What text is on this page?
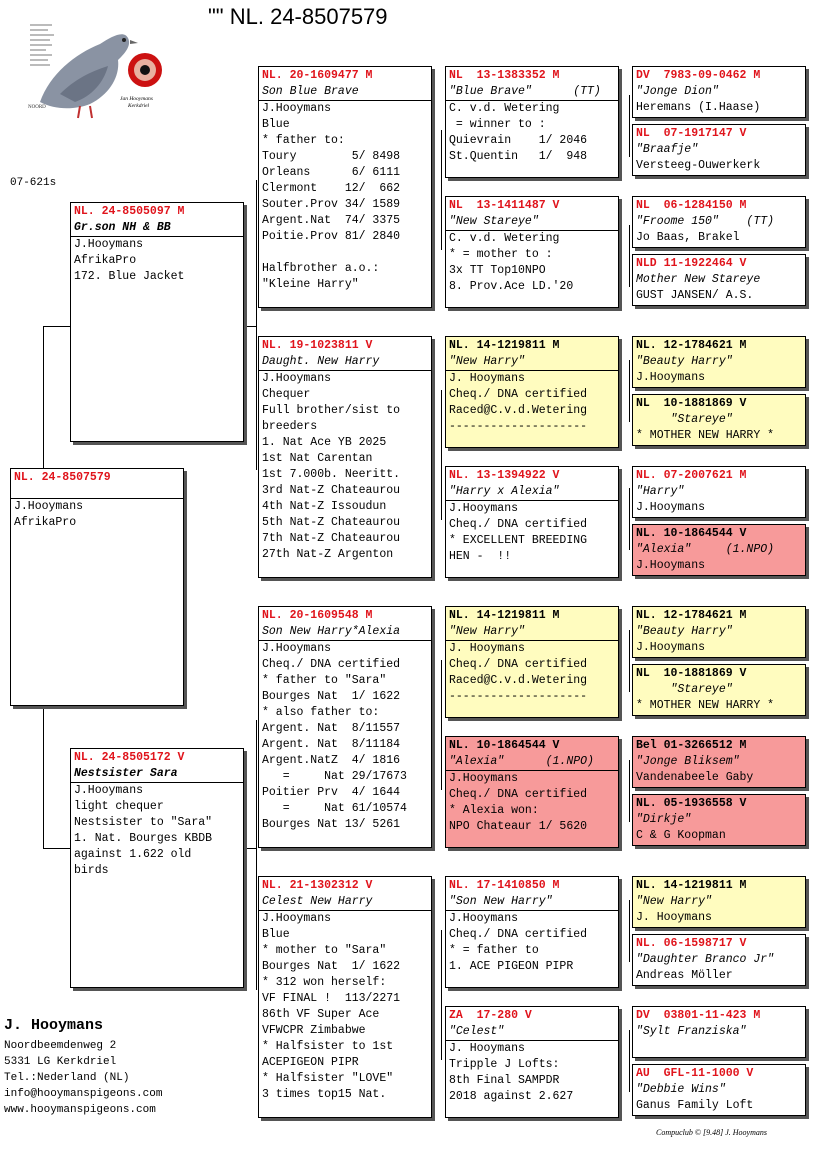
"" NL. 24-8507579
07-621s
NOORD
Jan Hooymans
Kerkdriel
NL. 24-8507579
J.Hooymans
AfrikaPro
NL. 24-8505097 M
Gr.son NH & BB
J.Hooymans
AfrikaPro
172. Blue Jacket
NL. 24-8505172 V
Nestsister Sara
J.Hooymans
light chequer
Nestsister to "Sara"
1. Nat. Bourges KBDB
against 1.622 old
birds
NL. 20-1609477 M
Son Blue Brave
J.Hooymans
Blue
* father to:
Toury        5/ 8498
Orleans      6/ 6111
Clermont    12/  662
Souter.Prov 34/ 1589
Argent.Nat  74/ 3375
Poitie.Prov 81/ 2840

Halfbrother a.o.:
"Kleine Harry"
NL. 19-1023811 V
Daught. New Harry
J.Hooymans
Chequer
Full brother/sist to
breeders
1. Nat Ace YB 2025
1st Nat Carentan
1st 7.000b. Neeritt.
3rd Nat-Z Chateaurou
4th Nat-Z Issoudun
5th Nat-Z Chateaurou
7th Nat-Z Chateaurou
27th Nat-Z Argenton
NL. 20-1609548 M
Son New Harry*Alexia
J.Hooymans
Cheq./ DNA certified
* father to "Sara"
Bourges Nat  1/ 1622
* also father to:
Argent. Nat  8/11557
Argent. Nat  8/11184
Argent.NatZ  4/ 1816
=     Nat 29/17673
Poitier Prv  4/ 1644
=     Nat 61/10574
Bourges Nat 13/ 5261
NL. 21-1302312 V
Celest New Harry
J.Hooymans
Blue
* mother to "Sara"
Bourges Nat  1/ 1622
* 312 won herself:
VF FINAL !  113/2271
86th VF Super Ace
VFWCPR Zimbabwe
* Halfsister to 1st
ACEPIGEON PIPR
* Halfsister "LOVE"
3 times top15 Nat.
NL  13-1383352 M
"Blue Brave"      (TT)
C. v.d. Wetering
= winner to :
Quievrain    1/ 2046
St.Quentin   1/  948
NL  13-1411487 V
"New Stareye"
C. v.d. Wetering
* = mother to :
3x TT Top10NPO
8. Prov.Ace LD.'20
NL. 14-1219811 M
"New Harry"
J. Hooymans
Cheq./ DNA certified
Raced@C.v.d.Wetering
--------------------
NL. 13-1394922 V
"Harry x Alexia"
J.Hooymans
Cheq./ DNA certified
* EXCELLENT BREEDING
HEN -  !!
NL. 14-1219811 M
"New Harry"
J. Hooymans
Cheq./ DNA certified
Raced@C.v.d.Wetering
--------------------
NL. 10-1864544 V
"Alexia"      (1.NPO)
J.Hooymans
Cheq./ DNA certified
* Alexia won:
NPO Chateaur 1/ 5620
NL. 17-1410850 M
"Son New Harry"
J.Hooymans
Cheq./ DNA certified
* = father to
1. ACE PIGEON PIPR
ZA  17-280 V
"Celest"
J. Hooymans
Tripple J Lofts:
8th Final SAMPDR
2018 against 2.627
DV  7983-09-0462 M
"Jonge Dion"
Heremans (I.Haase)
NL  07-1917147 V
"Braafje"
Versteeg-Ouwerkerk
NL  06-1284150 M
"Froome 150"    (TT)
Jo Baas, Brakel
NLD 11-1922464 V
Mother New Stareye
GUST JANSEN/ A.S.
NL. 12-1784621 M
"Beauty Harry"
J.Hooymans
NL  10-1881869 V
"Stareye"
* MOTHER NEW HARRY *
NL. 07-2007621 M
"Harry"
J.Hooymans
NL. 10-1864544 V
"Alexia"     (1.NPO)
J.Hooymans
NL. 12-1784621 M
"Beauty Harry"
J.Hooymans
NL  10-1881869 V
"Stareye"
* MOTHER NEW HARRY *
Bel 01-3266512 M
"Jonge Bliksem"
Vandenabeele Gaby
NL. 05-1936558 V
"Dirkje"
C & G Koopman
NL. 14-1219811 M
"New Harry"
J. Hooymans
NL. 06-1598717 V
"Daughter Branco Jr"
Andreas Möller
DV  03801-11-423 M
"Sylt Franziska"

AU  GFL-11-1000 V
"Debbie Wins"
Ganus Family Loft
J. Hooymans
Noordbeemdenweg 2
5331 LG Kerkdriel
Tel.:Nederland (NL)
info@hooymanspigeons.com
www.hooymanspigeons.com
Compuclub © [9.48] J. Hooymans
